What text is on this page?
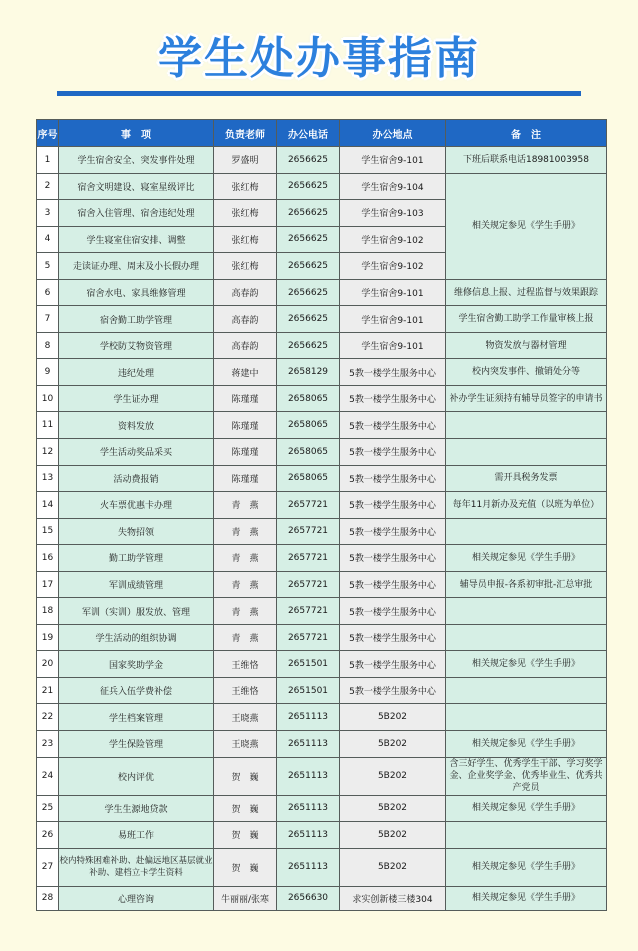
学生处办事指南
序号	事　项	负责老师	办公电话	办公地点	备　注
1	学生宿舍安全、突发事件处理	罗盛明	2656625	学生宿舍9-101	下班后联系电话18981003958
2	宿舍文明建设、寝室星级评比	张红梅	2656625	学生宿舍9-104	相关规定参见《学生手册》
3	宿舍入住管理、宿舍违纪处理	张红梅	2656625	学生宿舍9-103	
4	学生寝室住宿安排、调整	张红梅	2656625	学生宿舍9-102	
5	走读证办理、周末及小长假办理	张红梅	2656625	学生宿舍9-102	
6	宿舍水电、家具维修管理	高春韵	2656625	学生宿舍9-101	维修信息上报、过程监督与效果跟踪
7	宿舍勤工助学管理	高春韵	2656625	学生宿舍9-101	学生宿舍勤工助学工作量审核上报
8	学校防艾物资管理	高春韵	2656625	学生宿舍9-101	物资发放与器材管理
9	违纪处理	蒋建中	2658129	5教一楼学生服务中心	校内突发事件、撤销处分等
10	学生证办理	陈瑾瑾	2658065	5教一楼学生服务中心	补办学生证须持有辅导员签字的申请书
11	资料发放	陈瑾瑾	2658065	5教一楼学生服务中心	
12	学生活动奖品采买	陈瑾瑾	2658065	5教一楼学生服务中心	
13	活动费报销	陈瑾瑾	2658065	5教一楼学生服务中心	需开具税务发票
14	火车票优惠卡办理	青　燕	2657721	5教一楼学生服务中心	每年11月新办及充值（以班为单位）
15	失物招领	青　燕	2657721	5教一楼学生服务中心	
16	勤工助学管理	青　燕	2657721	5教一楼学生服务中心	相关规定参见《学生手册》
17	军训成绩管理	青　燕	2657721	5教一楼学生服务中心	辅导员申报-各系初审批-汇总审批
18	军训（实训）服发放、管理	青　燕	2657721	5教一楼学生服务中心	
19	学生活动的组织协调	青　燕	2657721	5教一楼学生服务中心	
20	国家奖助学金	王维恪	2651501	5教一楼学生服务中心	相关规定参见《学生手册》
21	征兵入伍学费补偿	王维恪	2651501	5教一楼学生服务中心	
22	学生档案管理	王晓燕	2651113	5B202	
23	学生保险管理	王晓燕	2651113	5B202	相关规定参见《学生手册》
24	校内评优	贺　巍	2651113	5B202	含三好学生、优秀学生干部、学习奖学金、企业奖学金、优秀毕业生、优秀共产党员
25	学生生源地贷款	贺　巍	2651113	5B202	相关规定参见《学生手册》
26	易班工作	贺　巍	2651113	5B202	
27	校内特殊困难补助、赴偏远地区基层就业补助、建档立卡学生资料	贺　巍	2651113	5B202	相关规定参见《学生手册》
28	心理咨询	牛丽丽/张寒	2656630	求实创新楼三楼304	相关规定参见《学生手册》
